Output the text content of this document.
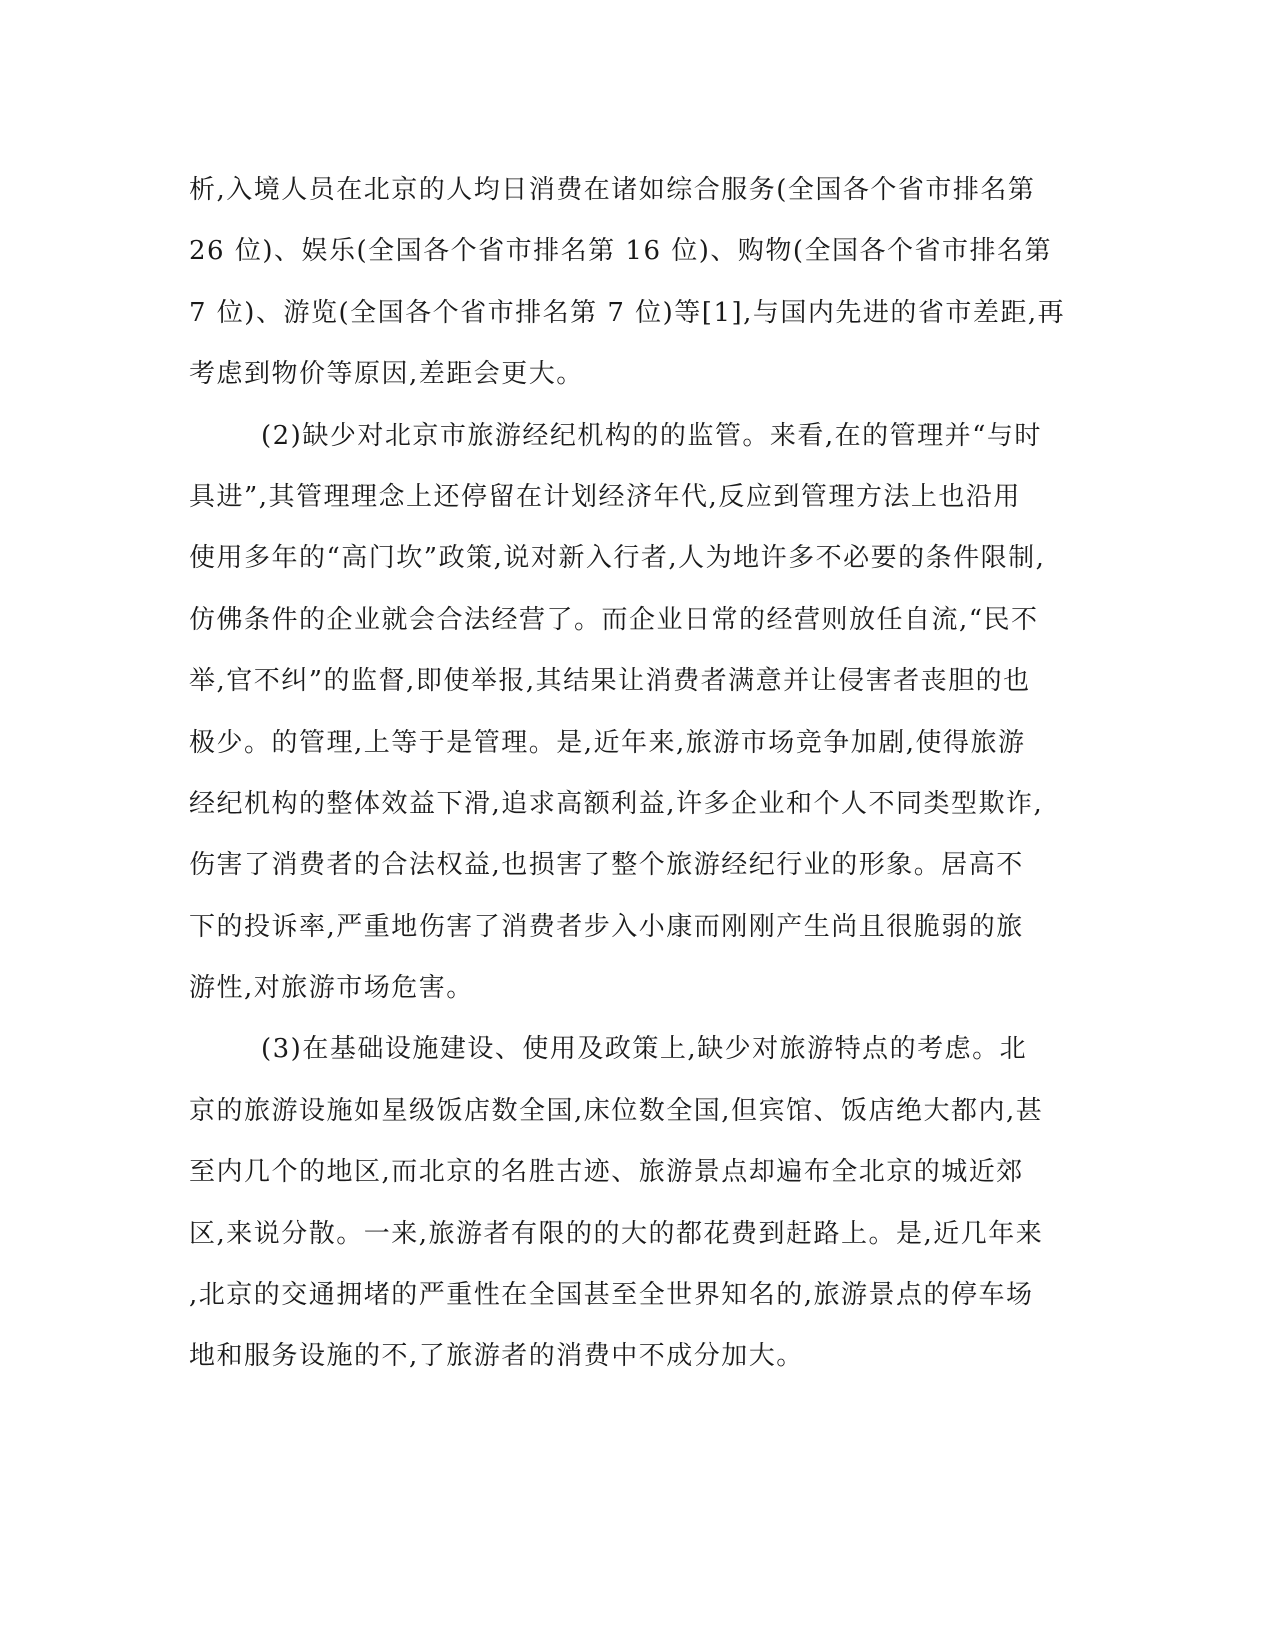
析,入境人员在北京的人均日消费在诸如综合服务(全国各个省市排名第
26 位)、娱乐(全国各个省市排名第 16 位)、购物(全国各个省市排名第
7 位)、游览(全国各个省市排名第 7 位)等[1],与国内先进的省市差距,再
考虑到物价等原因,差距会更大。
(2)缺少对北京市旅游经纪机构的的监管。来看,在的管理并“与时
具进”,其管理理念上还停留在计划经济年代,反应到管理方法上也沿用
使用多年的“高门坎”政策,说对新入行者,人为地许多不必要的条件限制,
仿佛条件的企业就会合法经营了。而企业日常的经营则放任自流,“民不
举,官不纠”的监督,即使举报,其结果让消费者满意并让侵害者丧胆的也
极少。的管理,上等于是管理。是,近年来,旅游市场竞争加剧,使得旅游
经纪机构的整体效益下滑,追求高额利益,许多企业和个人不同类型欺诈,
伤害了消费者的合法权益,也损害了整个旅游经纪行业的形象。居高不
下的投诉率,严重地伤害了消费者步入小康而刚刚产生尚且很脆弱的旅
游性,对旅游市场危害。
(3)在基础设施建设、使用及政策上,缺少对旅游特点的考虑。北
京的旅游设施如星级饭店数全国,床位数全国,但宾馆、饭店绝大都内,甚
至内几个的地区,而北京的名胜古迹、旅游景点却遍布全北京的城近郊
区,来说分散。一来,旅游者有限的的大的都花费到赶路上。是,近几年来
,北京的交通拥堵的严重性在全国甚至全世界知名的,旅游景点的停车场
地和服务设施的不,了旅游者的消费中不成分加大。
